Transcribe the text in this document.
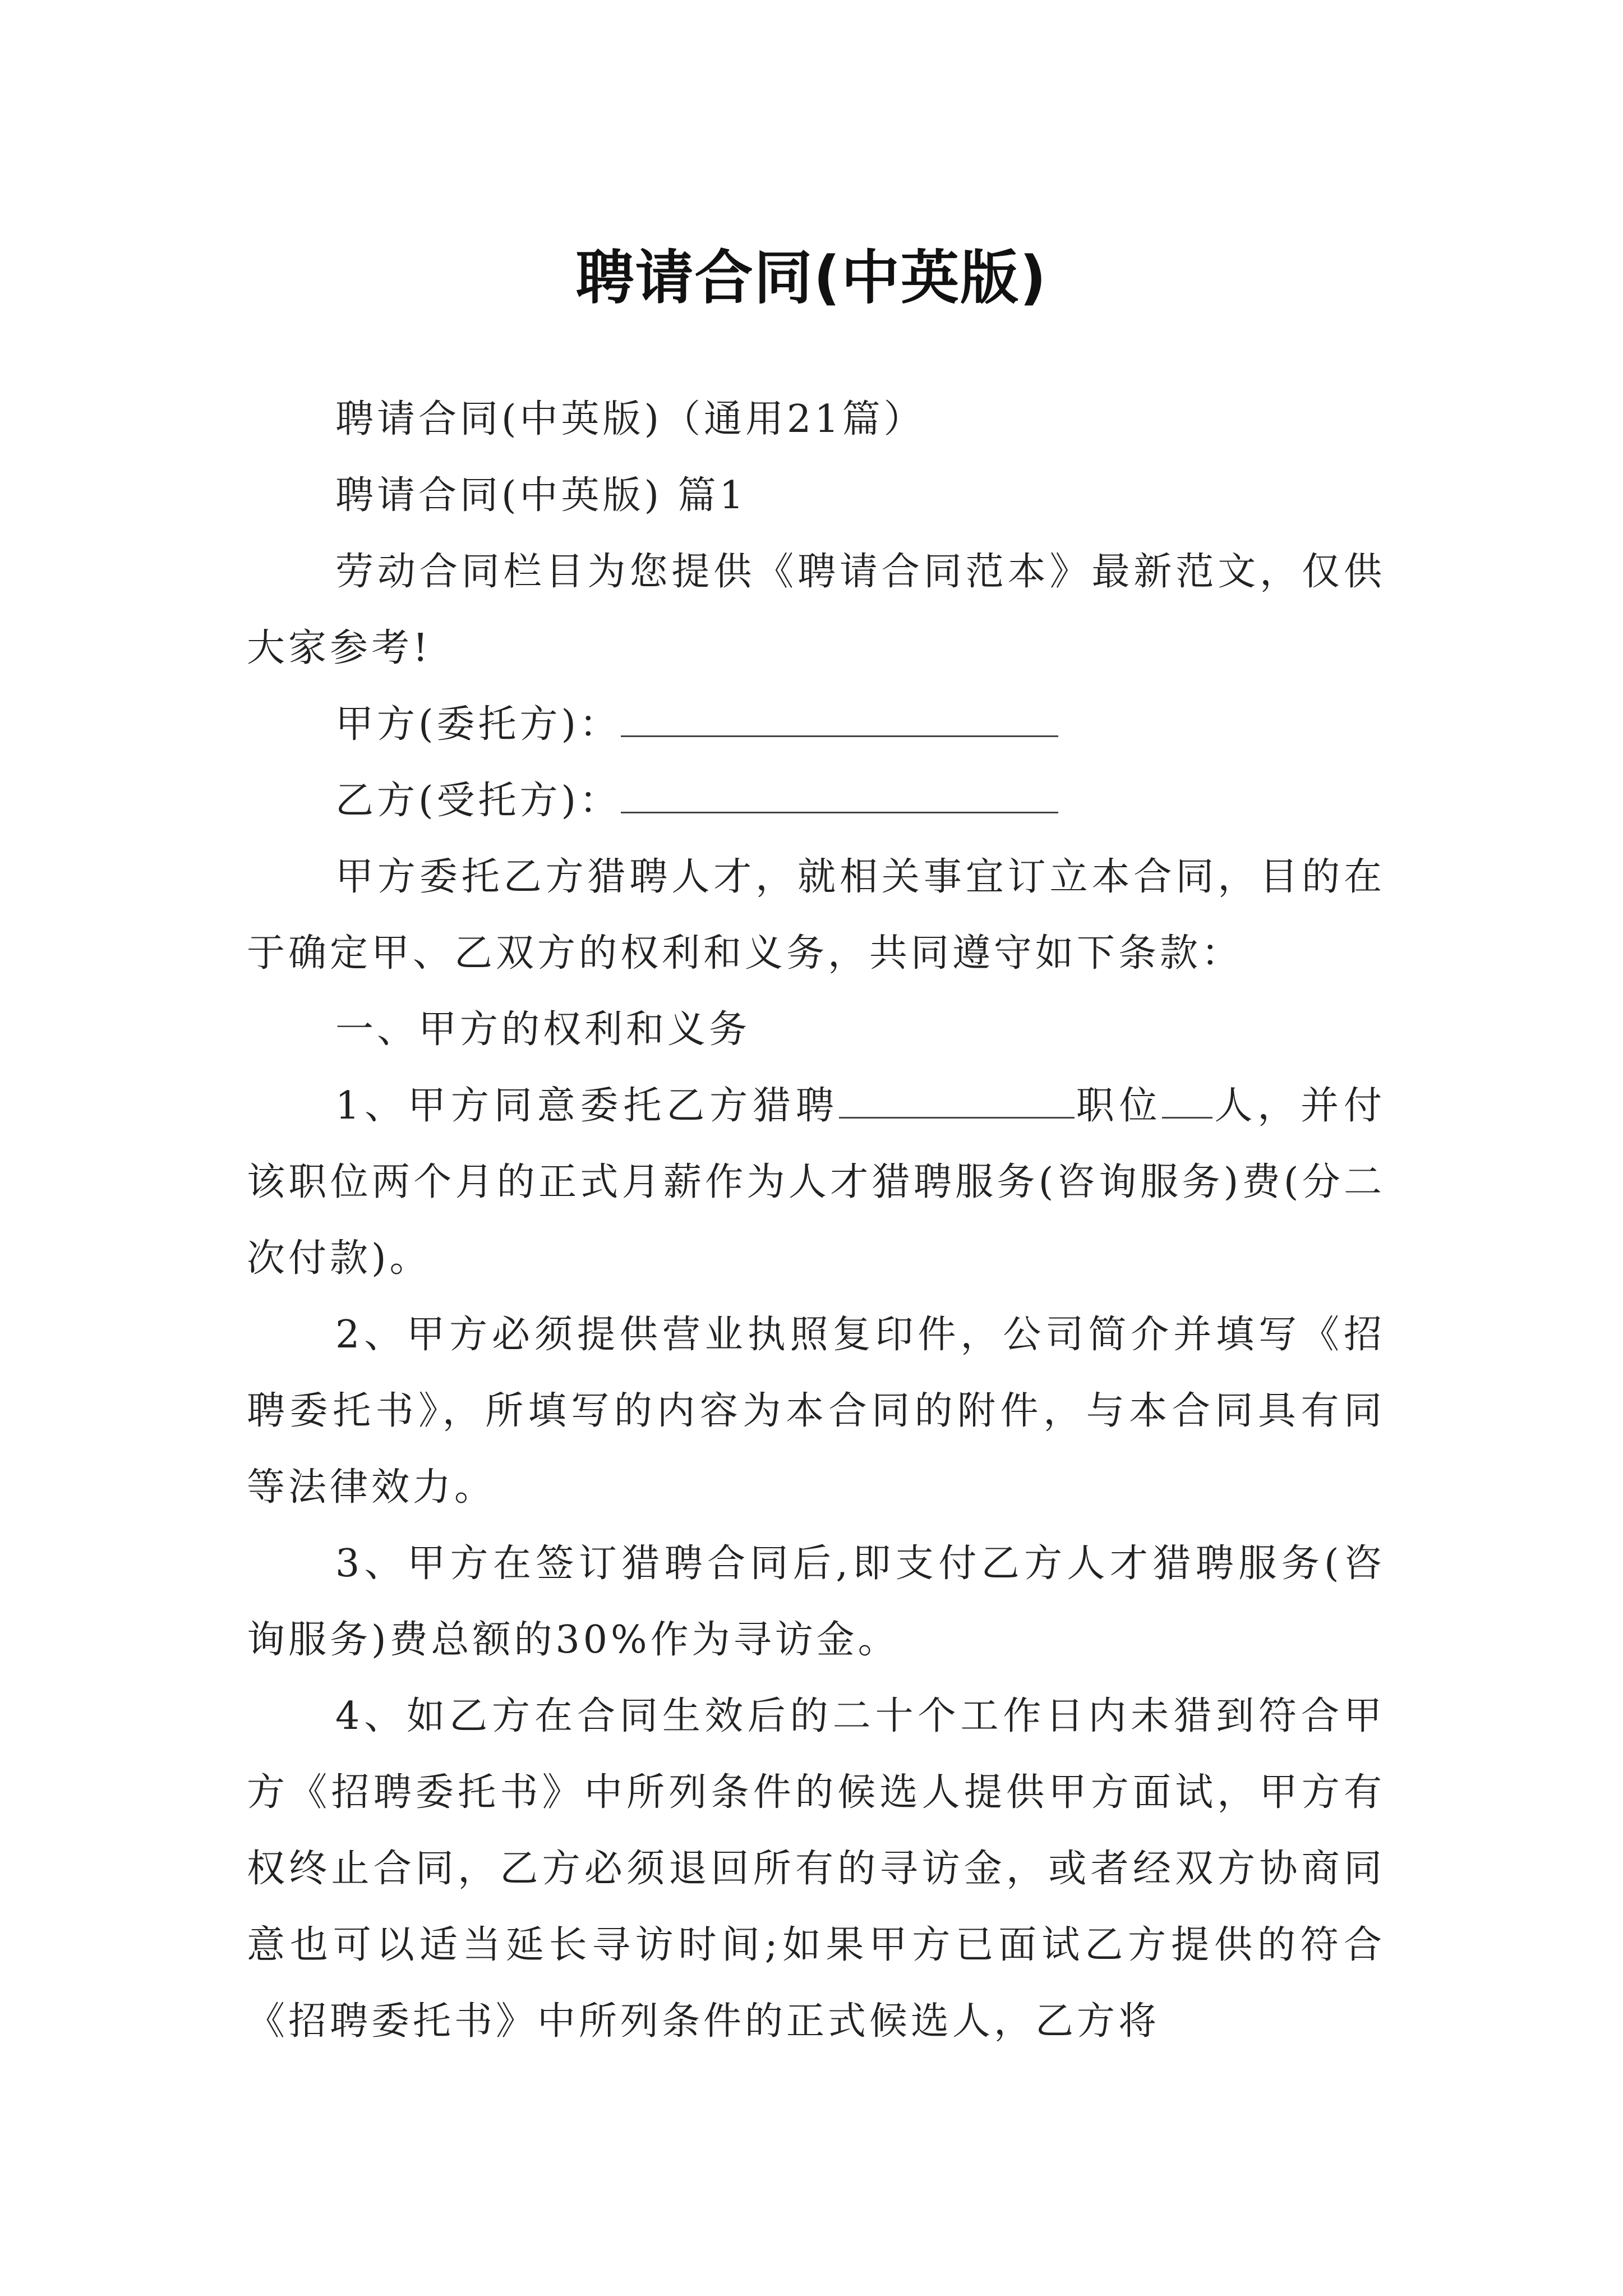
聘请合同(中英版)

聘请合同(中英版)（通用21篇）

聘请合同(中英版) 篇1

劳动合同栏目为您提供《聘请合同范本》最新范文，仅供大家参考!

甲方(委托方)：

乙方(受托方)：

甲方委托乙方猎聘人才，就相关事宜订立本合同，目的在于确定甲、乙双方的权利和义务，共同遵守如下条款：

一、甲方的权利和义务

1、甲方同意委托乙方猎聘	职位 人，并付该职位两个月的正式月薪作为人才猎聘服务(咨询服务)费(分二次付款)。

2、甲方必须提供营业执照复印件，公司简介并填写《招聘委托书》，所填写的内容为本合同的附件，与本合同具有同等法律效力。

3、甲方在签订猎聘合同后,即支付乙方人才猎聘服务(咨询服务)费总额的30%作为寻访金。

4、如乙方在合同生效后的二十个工作日内未猎到符合甲方《招聘委托书》中所列条件的候选人提供甲方面试，甲方有权终止合同，乙方必须退回所有的寻访金，或者经双方协商同意也可以适当延长寻访时间;如果甲方已面试乙方提供的符合《招聘委托书》中所列条件的正式候选人，乙方将
